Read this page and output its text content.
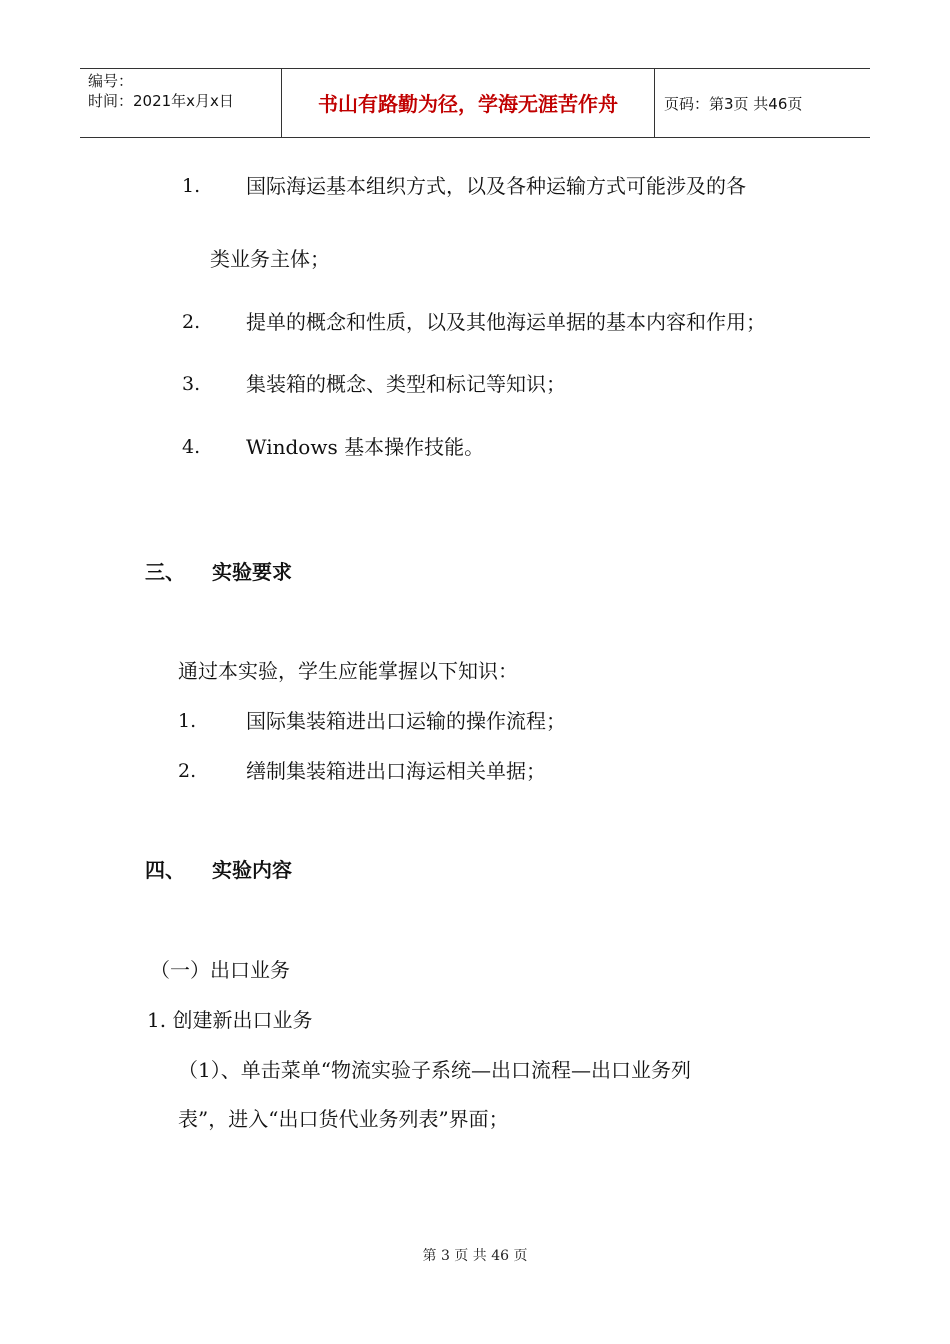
编号：
时间：2021年x月x日	书山有路勤为径，学海无涯苦作舟	页码：第3页 共46页
1. 国际海运基本组织方式，以及各种运输方式可能涉及的各
类业务主体；
2. 提单的概念和性质，以及其他海运单据的基本内容和作用；
3. 集装箱的概念、类型和标记等知识；
4. Windows 基本操作技能。
三、 实验要求
通过本实验，学生应能掌握以下知识：
1. 国际集装箱进出口运输的操作流程；
2. 缮制集装箱进出口海运相关单据；
四、 实验内容
（一）出口业务
1. 创建新出口业务
（1）、单击菜单“物流实验子系统—出口流程—出口业务列
表”，进入“出口货代业务列表”界面；
第 3 页 共 46 页
